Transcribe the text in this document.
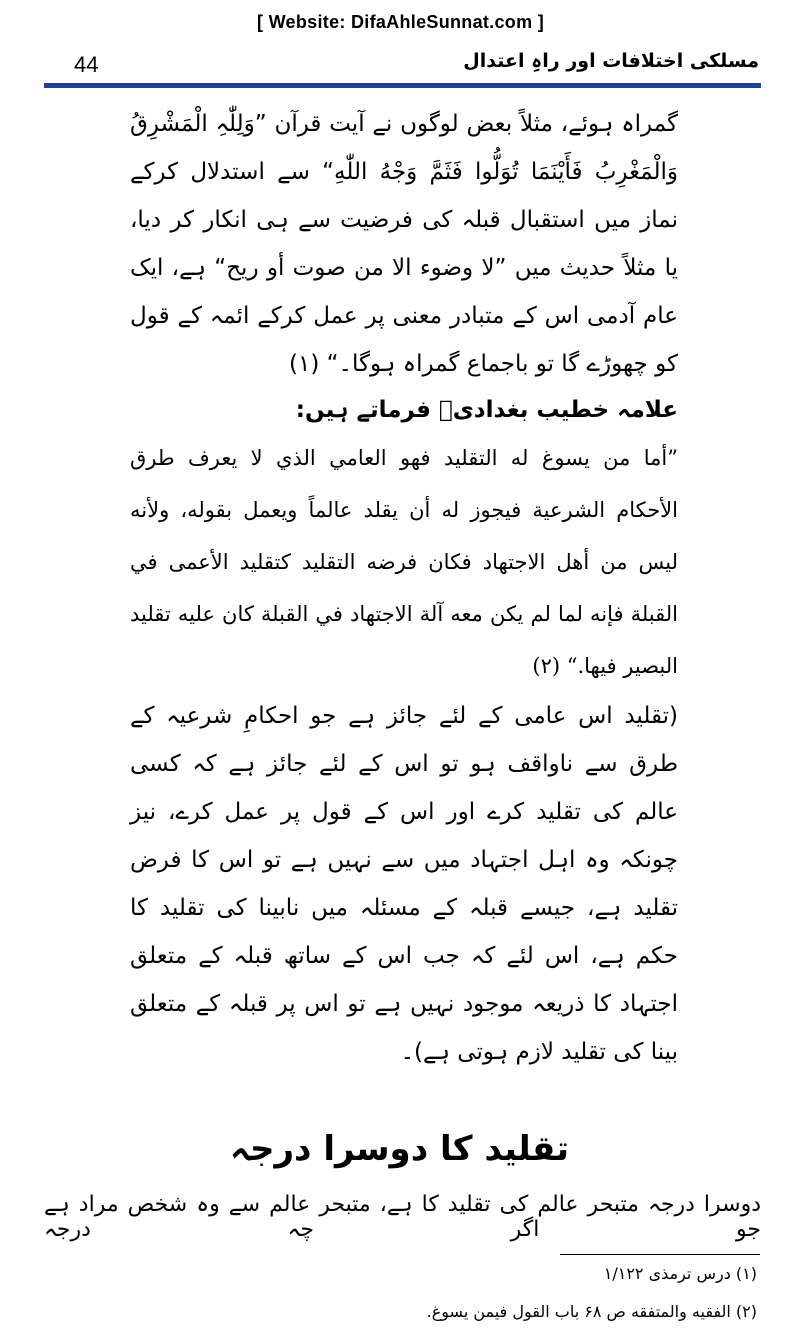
[ Website: DifaAhleSunnat.com ]
44	مسلکی اختلافات اور راہِ اعتدال

گمراہ ہوئے، مثلاً بعض لوگوں نے آیت قرآن ”وَلِلّٰہِ الْمَشْرِقُ وَالْمَغْرِبُ فَأَيْنَمَا تُوَلُّوا فَثَمَّ وَجْهُ اللّٰهِ“ سے استدلال کرکے نماز میں استقبال قبلہ کی فرضیت سے ہی انکار کر دیا، یا مثلاً حدیث میں ”لا وضوء الا من صوت أو ريح“ ہے، ایک عام آدمی اس کے متبادر معنی پر عمل کرکے ائمہ کے قول کو چھوڑے گا تو باجماع گمراہ ہوگا۔“ (۱)

علامہ خطیب بغدادیؒ فرماتے ہیں:

”أما من يسوغ له التقليد فهو العامي الذي لا يعرف طرق الأحكام الشرعية فيجوز له أن يقلد عالماً ويعمل بقوله، ولأنه ليس من أهل الاجتهاد فكان فرضه التقليد كتقليد الأعمى في القبلة فإنه لما لم يكن معه آلة الاجتهاد في القبلة كان عليه تقليد البصير فيها.“ (۲)

(تقلید اس عامی کے لئے جائز ہے جو احکامِ شرعیہ کے طرق سے ناواقف ہو تو اس کے لئے جائز ہے کہ کسی عالم کی تقلید کرے اور اس کے قول پر عمل کرے، نیز چونکہ وہ اہل اجتہاد میں سے نہیں ہے تو اس کا فرض تقلید ہے، جیسے قبلہ کے مسئلہ میں نابینا کی تقلید کا حکم ہے، اس لئے کہ جب اس کے ساتھ قبلہ کے متعلق اجتہاد کا ذریعہ موجود نہیں ہے تو اس پر قبلہ کے متعلق بینا کی تقلید لازم ہوتی ہے)۔

تقلید کا دوسرا درجہ
دوسرا درجہ متبحر عالم کی تقلید کا ہے، متبحر عالم سے وہ شخص مراد ہے جو اگر چہ درجہ

(۱) درس ترمذی ۱/۱۲۲

(۲) الفقيه والمتفقه ص ۶۸ باب القول فيمن يسوغ.
